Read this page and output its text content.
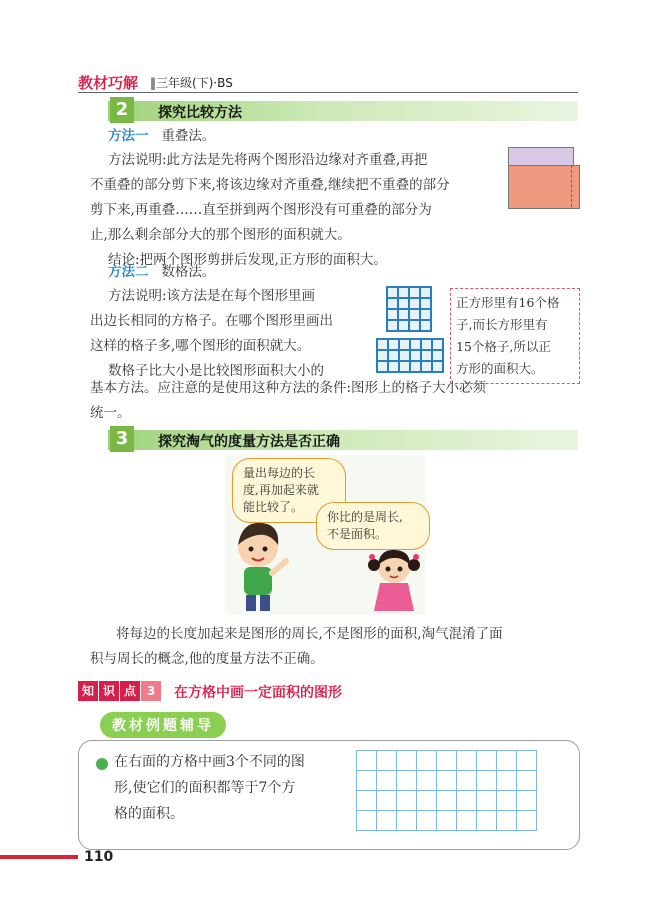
教材巧解 ‖三年级(下)·BS
2	探究比较方法
方法一 重叠法。
方法说明:此方法是先将两个图形沿边缘对齐重叠,再把
不重叠的部分剪下来,将该边缘对齐重叠,继续把不重叠的部分
剪下来,再重叠……直至拼到两个图形没有可重叠的部分为
止,那么剩余部分大的那个图形的面积就大。
结论:把两个图形剪拼后发现,正方形的面积大。
方法二 数格法。
方法说明:该方法是在每个图形里画
出边长相同的方格子。在哪个图形里画出
这样的格子多,哪个图形的面积就大。
数格子比大小是比较图形面积大小的
正方形里有16个格
子,而长方形里有
15个格子,所以正
方形的面积大。
基本方法。应注意的是使用这种方法的条件:图形上的格子大小必须
统一。
3	探究淘气的度量方法是否正确
量出每边的长
度,再加起来就
能比较了。
你比的是周长,
不是面积。
将每边的长度加起来是图形的周长,不是图形的面积,淘气混淆了面
积与周长的概念,他的度量方法不正确。
知 识 点 3	在方格中画一定面积的图形
教材例题辅导
在右面的方格中画3个不同的图
形,使它们的面积都等于7个方
格的面积。
110
